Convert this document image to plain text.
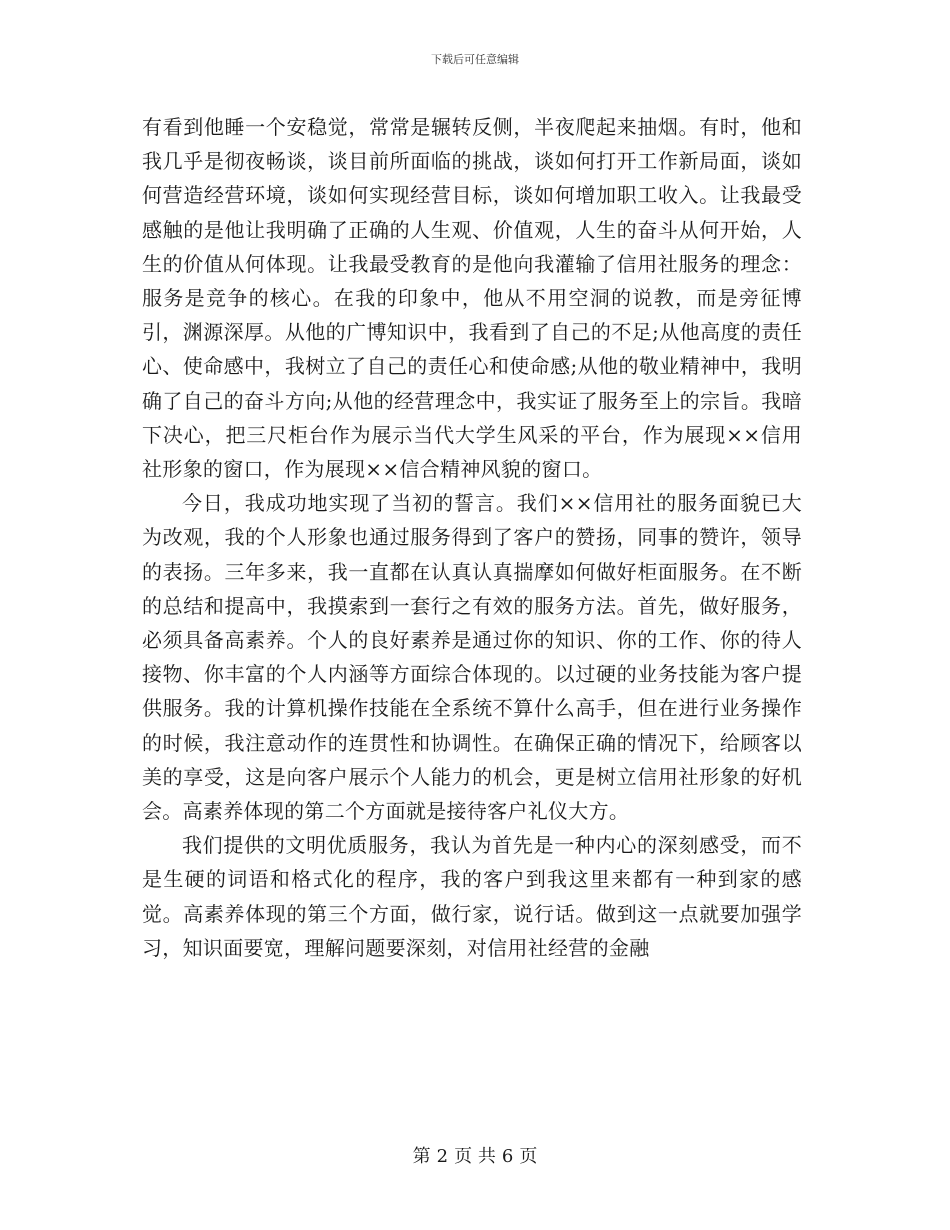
下载后可任意编辑

有看到他睡一个安稳觉，常常是辗转反侧，半夜爬起来抽烟。有时，他和我几乎是彻夜畅谈，谈目前所面临的挑战，谈如何打开工作新局面，谈如何营造经营环境，谈如何实现经营目标，谈如何增加职工收入。让我最受感触的是他让我明确了正确的人生观、价值观，人生的奋斗从何开始，人生的价值从何体现。让我最受教育的是他向我灌输了信用社服务的理念：服务是竞争的核心。在我的印象中，他从不用空洞的说教，而是旁征博引，渊源深厚。从他的广博知识中，我看到了自己的不足;从他高度的责任心、使命感中，我树立了自己的责任心和使命感;从他的敬业精神中，我明确了自己的奋斗方向;从他的经营理念中，我实证了服务至上的宗旨。我暗下决心，把三尺柜台作为展示当代大学生风采的平台，作为展现××信用社形象的窗口，作为展现××信合精神风貌的窗口。

今日，我成功地实现了当初的誓言。我们××信用社的服务面貌已大为改观，我的个人形象也通过服务得到了客户的赞扬，同事的赞许，领导的表扬。三年多来，我一直都在认真认真揣摩如何做好柜面服务。在不断的总结和提高中，我摸索到一套行之有效的服务方法。首先，做好服务，必须具备高素养。个人的良好素养是通过你的知识、你的工作、你的待人接物、你丰富的个人内涵等方面综合体现的。以过硬的业务技能为客户提供服务。我的计算机操作技能在全系统不算什么高手，但在进行业务操作的时候，我注意动作的连贯性和协调性。在确保正确的情况下，给顾客以美的享受，这是向客户展示个人能力的机会，更是树立信用社形象的好机会。高素养体现的第二个方面就是接待客户礼仪大方。

我们提供的文明优质服务，我认为首先是一种内心的深刻感受，而不是生硬的词语和格式化的程序，我的客户到我这里来都有一种到家的感觉。高素养体现的第三个方面，做行家，说行话。做到这一点就要加强学习，知识面要宽，理解问题要深刻，对信用社经营的金融

第 2 页 共 6 页
